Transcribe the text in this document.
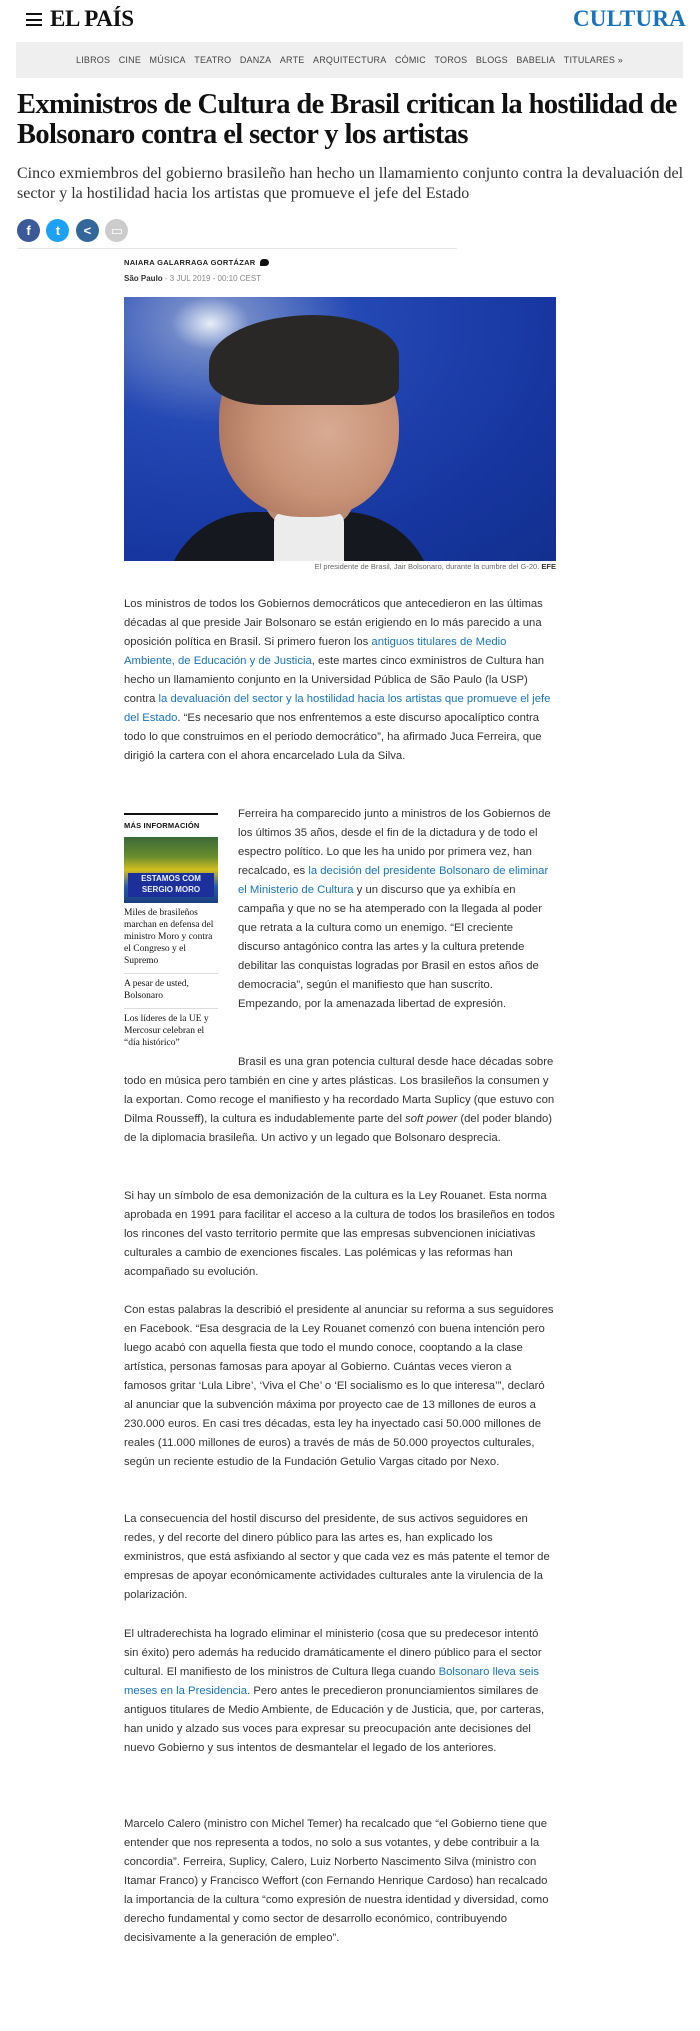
EL PAÍS	CULTURA
LIBROS CINE MÚSICA TEATRO DANZA ARTE ARQUITECTURA CÓMIC TOROS BLOGS BABELIA TITULARES »
Exministros de Cultura de Brasil critican la hostilidad de Bolsonaro contra el sector y los artistas
Cinco exmiembros del gobierno brasileño han hecho un llamamiento conjunto contra la devaluación del sector y la hostilidad hacia los artistas que promueve el jefe del Estado
f t < ▭
NAIARA GALARRAGA GORTÁZAR
São Paulo - 3 JUL 2019 - 00:10 CEST
El presidente de Brasil, Jair Bolsonaro, durante la cumbre del G-20. EFE
Los ministros de todos los Gobiernos democráticos que antecedieron en las últimas décadas al que preside Jair Bolsonaro se están erigiendo en lo más parecido a una oposición política en Brasil. Si primero fueron los antiguos titulares de Medio Ambiente, de Educación y de Justicia, este martes cinco exministros de Cultura han hecho un llamamiento conjunto en la Universidad Pública de São Paulo (la USP) contra la devaluación del sector y la hostilidad hacia los artistas que promueve el jefe del Estado. “Es necesario que nos enfrentemos a este discurso apocalíptico contra todo lo que construimos en el periodo democrático”, ha afirmado Juca Ferreira, que dirigió la cartera con el ahora encarcelado Lula da Silva.
MÁS INFORMACIÓN
ESTAMOS COM SERGIO MORO
Miles de brasileños marchan en defensa del ministro Moro y contra el Congreso y el Supremo
A pesar de usted, Bolsonaro
Los líderes de la UE y Mercosur celebran el “día histórico”
Ferreira ha comparecido junto a ministros de los Gobiernos de los últimos 35 años, desde el fin de la dictadura y de todo el espectro político. Lo que les ha unido por primera vez, han recalcado, es la decisión del presidente Bolsonaro de eliminar el Ministerio de Cultura y un discurso que ya exhibía en campaña y que no se ha atemperado con la llegada al poder que retrata a la cultura como un enemigo. “El creciente discurso antagónico contra las artes y la cultura pretende debilitar las conquistas logradas por Brasil en estos años de democracia”, según el manifiesto que han suscrito. Empezando, por la amenazada libertad de expresión.
Brasil es una gran potencia cultural desde hace décadas sobre todo en música pero también en cine y artes plásticas. Los brasileños la consumen y la exportan. Como recoge el manifiesto y ha recordado Marta Suplicy (que estuvo con Dilma Rousseff), la cultura es indudablemente parte del soft power (del poder blando) de la diplomacia brasileña. Un activo y un legado que Bolsonaro desprecia.
Si hay un símbolo de esa demonización de la cultura es la Ley Rouanet. Esta norma aprobada en 1991 para facilitar el acceso a la cultura de todos los brasileños en todos los rincones del vasto territorio permite que las empresas subvencionen iniciativas culturales a cambio de exenciones fiscales. Las polémicas y las reformas han acompañado su evolución.
Con estas palabras la describió el presidente al anunciar su reforma a sus seguidores en Facebook. “Esa desgracia de la Ley Rouanet comenzó con buena intención pero luego acabó con aquella fiesta que todo el mundo conoce, cooptando a la clase artística, personas famosas para apoyar al Gobierno. Cuántas veces vieron a famosos gritar ‘Lula Libre’, ‘Viva el Che’ o ‘El socialismo es lo que interesa’”, declaró al anunciar que la subvención máxima por proyecto cae de 13 millones de euros a 230.000 euros. En casi tres décadas, esta ley ha inyectado casi 50.000 millones de reales (11.000 millones de euros) a través de más de 50.000 proyectos culturales, según un reciente estudio de la Fundación Getulio Vargas citado por Nexo.
La consecuencia del hostil discurso del presidente, de sus activos seguidores en redes, y del recorte del dinero público para las artes es, han explicado los exministros, que está asfixiando al sector y que cada vez es más patente el temor de empresas de apoyar económicamente actividades culturales ante la virulencia de la polarización.
El ultraderechista ha logrado eliminar el ministerio (cosa que su predecesor intentó sin éxito) pero además ha reducido dramáticamente el dinero público para el sector cultural. El manifiesto de los ministros de Cultura llega cuando Bolsonaro lleva seis meses en la Presidencia. Pero antes le precedieron pronunciamientos similares de antiguos titulares de Medio Ambiente, de Educación y de Justicia, que, por carteras, han unido y alzado sus voces para expresar su preocupación ante decisiones del nuevo Gobierno y sus intentos de desmantelar el legado de los anteriores.
Marcelo Calero (ministro con Michel Temer) ha recalcado que “el Gobierno tiene que entender que nos representa a todos, no solo a sus votantes, y debe contribuir a la concordia”. Ferreira, Suplicy, Calero, Luiz Norberto Nascimento Silva (ministro con Itamar Franco) y Francisco Weffort (con Fernando Henrique Cardoso) han recalcado la importancia de la cultura “como expresión de nuestra identidad y diversidad, como derecho fundamental y como sector de desarrollo económico, contribuyendo decisivamente a la generación de empleo”.
